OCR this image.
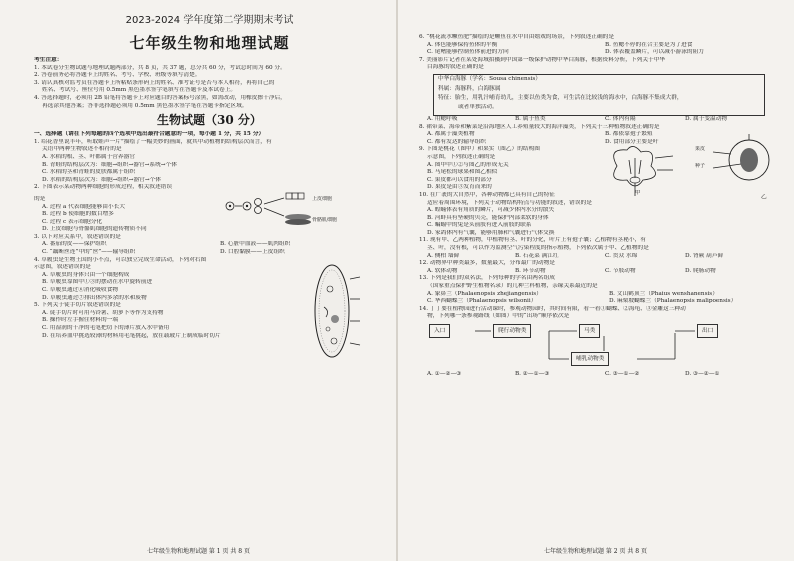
2023-2024 学年度第二学期期末考试
七年级生物和地理试题
考生注意：
1. 本试卷分生物试题与地理试题两部分，共 8 页，共 37 题，总分共 60 分，考试总时间为 60 分。
2. 答卷前务必将答题卡上的姓名、考号、学校、班级等填写清楚。
3. 请认真核对监考员在答题卡上所粘贴条形码上的姓名、准考证号是否与本人相符，再将自己的
姓名、考试号、座位号用 0.5mm 黑色墨水签字笔填写在答题卡及本试卷上。
4. 答选择题时，必须用 2B 铅笔将答题卡上对应题目的答案标号涂黑，如需改动，用橡皮擦干净后，
再选涂其他答案；答非选择题必须用 0.5mm 黑色墨水签字笔在答题卡指定区域。
生物试题（30 分）
一、选择题（请在下列每题的四个选项中选出最符合题意的一项，每小题 1 分，共 15 分）
1. 绍花香里说丰年，听取蛙声一片”描绘了一幅美妙的画面，就其中动植物的结构层次而言，有
关语中两种生物叙述不相符的是
A. 水稻的根、茎、叶都属于营养器官
B. 青蛙的结构层次为：细胞→组织→器官→系统→个体
C. 水稻的茎和青蛙的皮肤都属于组织
D. 水稻的结构层次为：细胞→组织→器官→个体
2. 下图表示某动物两种细胞的形成过程，相关叙述错误
的是
A. 过程 a 代表细胞能够由小长大
B. 过程 b 使细胞的数目增多
C. 过程 c 表示细胞分化
D. 上皮细胞与骨骼肌细胞的遗传物质不同
上皮细胞
骨骼肌细胞
3. 以下对应关系中，叙述错误的是
A. 番茄的皮——保护组织	B. 心脏中血液——肌肉组织
C. “藕断丝连”中的“丝”——输导组织	D. 口腔黏膜——上皮组织
4. 草履虫是生物王国的小不点，可以独立完成生命活动，下列对右图
示意图，叙述错误的是
A. 草履虫的身体只由一个细胞构成
B. 草履虫靠图中①③的摆动在水中旋转前进
C. 草履虫通过⑥消化吸收食物
D. 草履虫通过⑦排出体内多余的水和废物
5. 下列关于徒手切片叙述错误的是
A. 徒手切片时可用马铃薯、胡萝卜等作为支持物
B. 操作时左手握住材料的一端
C. 用湿润的干净的毛笔把切下的薄片放入水中备用
D. 在培养皿中挑选较薄的材料用毛笔挑起，放在载玻片上制成临时切片
七年级生物和地理试题 第 1 页 共 8 页
6. “桃花流水鳜鱼肥”描绘的是鳜鱼在水中自由嬉戏的场景，下列叙述正确的是
A. 体色能够保持鱼体的平衡	B. 鱼鳃不停的在合主要是为了进食
C. 尾鳍能够控制鱼体前进的方向	D. 体表覆盖鳞片，可以减小游泳的阻力
7. 美丽影片记者在某处海域拍摄到中国第一级保护动物中华白海豚，根据资料分析，下列关于中华
白海豚的叙述正确的是
中华白海豚（学名：Sousa chinensis）
科属：海豚科，白海豚属
特征：胎生，用乳汁哺育幼儿，主要以鱼类为食，可生活在比较浅的海水中，白海豚不集成大群，
或者单独活动。
A. 用鳃呼吸	B. 属于鱼类	C. 体内有隔	D. 属于变温动物
8. 裙带菜、海带和紫菜是沿海地区人工养殖量较大的海洋藻类，下列关于三种植物叙述正确的是
A. 都属于藻类植物	B. 都依靠孢子繁殖
C. 都有发达的输导组织	D. 食用部分主要是叶
9. 下图是桃花（图甲）和果实（图乙）的结构图
示意图，下列叙述正确的是
A. 图甲中①②与图乙的形成无关
B. 马尾松的球果和图乙相似
C. 果皮都可以食用的部分
D. 果皮是由③发育而来的
甲
乙
果皮
种子
10. 在广袤的大自然中，各种动物都已具有自己的特征
适应着周围环境，下列关于动物结构特点与功能的叙述，错误的是
A. 蝗蝻体表有角质的鳞片，可减少体内水分的散失
B. 河蚌具有坚硬的贝壳，能保护内部柔软的身体
C. 蝙蝠中的兔是头前肢有进入前肢的联系
D. 家鸽体内有气囊，能够用肺和气囊进行气体交换
11. 现有甲、乙两种植物，甲植物有茎、叶的分化，叶片上有孢子囊；乙植物有茎秘小，有
茎、叶，没有根，可以作为监测空气污染程度的指示植物，下列依次属于甲、乙植物的是
A. 侧柏 墙藓	B. 石花菜 满江红	C. 贯众 水绵	D. 肾蕨 葫芦藓
12. 动物界中种类最多，数量最大，分布最广的动物是
A. 软体动物	B. 环节动物	C. 节肢动物	D. 爬肠动物
13. 下列是我们的双名法，下列每种的学名由两名组成
（国家重点保护野生植物名录）的几种兰科植物，亲缘关系最近的是
A. 象鼻兰（Phalaenopsis zhejiangensis）	B. 文山鹤顶兰（Phaius wenshanensis）
C. 华西蝴蝶兰（Phalaenopsis wilsonii）	D. 麻栗坡蝴蝶兰（Phalaenopsis malipoensis）
14. 丁丁要在植物园进行活动课时，参观动物园时，其时间有限，看一看①蝴蝶、②海龟、③金雕这三种动
物，下列哪一条参观路线（如图）中的“出场”顺序依次是
入口	爬行动物类	马类
哺乳动物类
出口
A. ①—②—③	B. ②—①—③	C. ③—①—②	D. ③—②—①
七年级生物和地理试题 第 2 页 共 8 页
